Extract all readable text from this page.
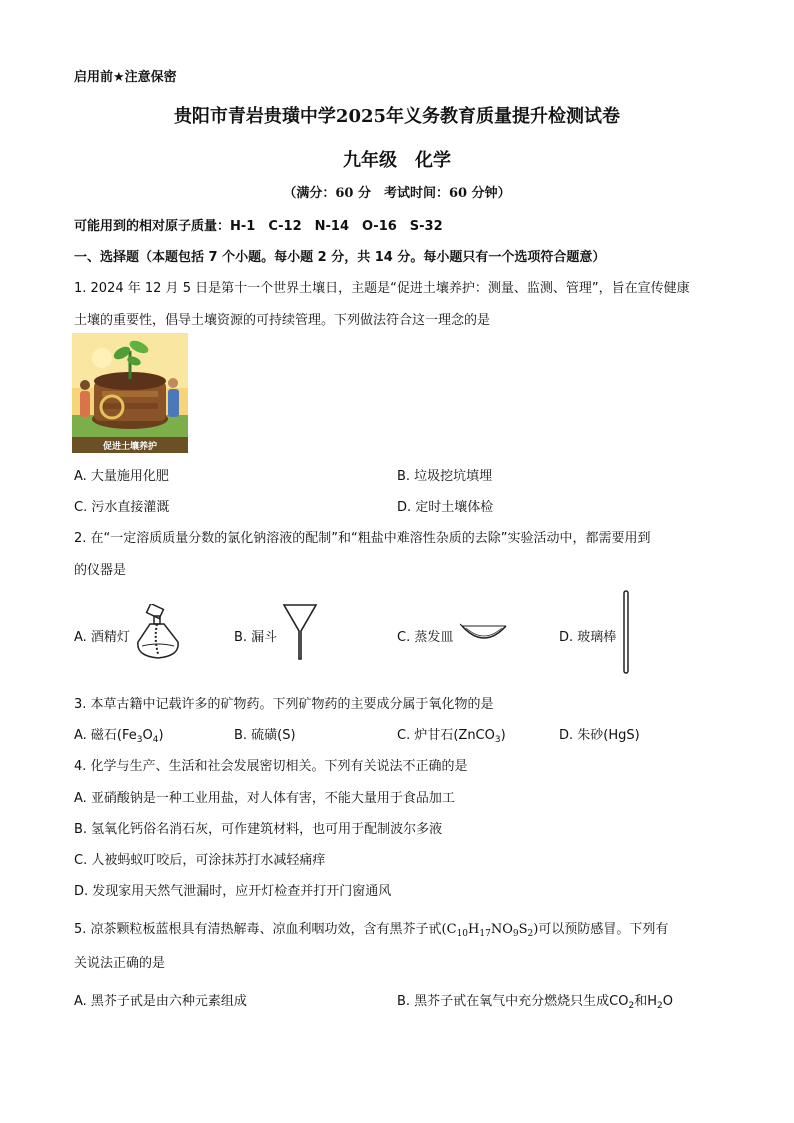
启用前★注意保密
贵阳市青岩贵璜中学2025年义务教育质量提升检测试卷
九年级　化学
（满分：60 分　考试时间：60 分钟）
可能用到的相对原子质量：H-1　C-12　N-14　O-16　S-32
一、选择题（本题包括 7 个小题。每小题 2 分，共 14 分。每小题只有一个选项符合题意）
1. 2024 年 12 月 5 日是第十一个世界土壤日，主题是“促进土壤养护：测量、监测、管理”，旨在宣传健康
土壤的重要性，倡导土壤资源的可持续管理。下列做法符合这一理念的是
促进土壤养护
A. 大量施用化肥	B. 垃圾挖坑填埋
C. 污水直接灌溉	D. 定时土壤体检
2. 在“一定溶质质量分数的氯化钠溶液的配制”和“粗盐中难溶性杂质的去除”实验活动中，都需要用到
的仪器是
A. 酒精灯	B. 漏斗	C. 蒸发皿	D. 玻璃棒
3. 本草古籍中记载许多的矿物药。下列矿物药的主要成分属于氧化物的是
A. 磁石$(Fe_3O_4)$	B. 硫磺(S)	C. 炉甘石(ZnCO$_3$)	D. 朱砂(HgS)
4. 化学与生产、生活和社会发展密切相关。下列有关说法不正确的是
A. 亚硝酸钠是一种工业用盐，对人体有害，不能大量用于食品加工
B. 氢氧化钙俗名消石灰，可作建筑材料，也可用于配制波尔多液
C. 人被蚂蚁叮咬后，可涂抹苏打水减轻痛痒
D. 发现家用天然气泄漏时，应开灯检查并打开门窗通风
5. 凉茶颗粒板蓝根具有清热解毒、凉血利咽功效，含有黑芥子甙$(C_{10}H_{17}NO_9S_2)$可以预防感冒。下列有
关说法正确的是
A. 黑芥子甙是由六种元素组成	B. 黑芥子甙在氧气中充分燃烧只生成$CO_2$和$H_2O$
